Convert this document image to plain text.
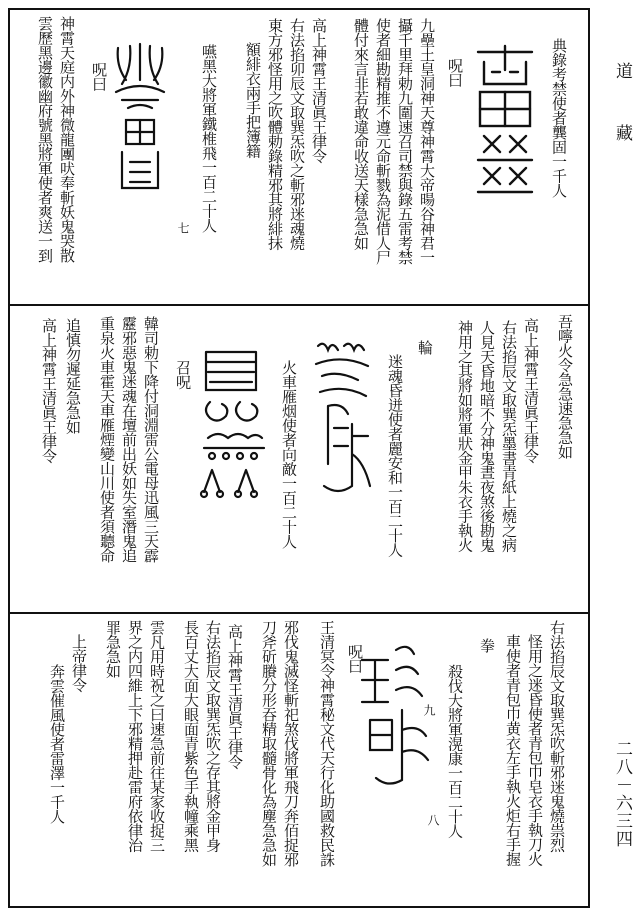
道　藏
二八－六三四
典錄考禁使者龔固一千人
呪曰
九壘土皇洞神天尊神霄大帝暘谷神君一
攝千里拜勅九圍速召司禁與錄五雷考禁
使者細勘精推不遵元命斬戮為泥借人尸
體付來言非若敢違命收送天樣急急如
高上神霄王清眞王律令
右法掐卯辰文取巽炁吹之斬邪迷魂燒
東方邪怪用之吹體勅錄精邪其將緋抹
額緋衣兩手把簿籍
嚥黑大將軍鐵椎飛一百二十人
呪曰
神霄天庭内外神微龍團吠奉斬妖鬼哭散
雲歷黑邊徽幽府號黑將軍使者爽送一到	七
吾嚀火令急急速急急如
高上神霄王清眞王律令
右法掐辰文取巽炁墨書青紙上燒之病
人見天昏地暗不分神鬼晝夜煞後勘鬼
神用之其將如將軍狀金甲朱衣手執火
輪
迷魂昏迸使者麗安和一百二十人
火車雁烟使者向敵一百二十人
召呪
韓司勅下降付洞淵雷公電母迅風三天霹
靂邪惡鬼迷魂在壇前出妖如失室潛鬼追
重泉火車霍天車雁煙變山川使者須聽命
追慎勿遲延急急如
高上神霄王清眞王律令
右法掐辰文取巽炁吹斬邪迷鬼燒祟烈
怪用之迷昏使者青包巾皂衣手執刀火
車使者青包巾黄衣左手執火炬右手握
拳
殺伐大將軍滉康一百二十人
王清冥令神霄秘文代天行化助國救民誅 呪曰
邪伐鬼滅怪斬祀煞伐將軍飛刀奔佰捉邪
刀斧斫賸分形吞精取髓骨化為塵急急如
高上神霄王清眞王律令
右法掐辰文取巽炁吹之存其將金甲身
長百丈大面大眼面青紫色手執幢乘黑
雲凡用時祝之曰速急前往某家收捉三
界之内四維上下邪精押赴雷府依律治
罪急急如
上帝律令
奔雲催風使者雷澤一千人	九
八
